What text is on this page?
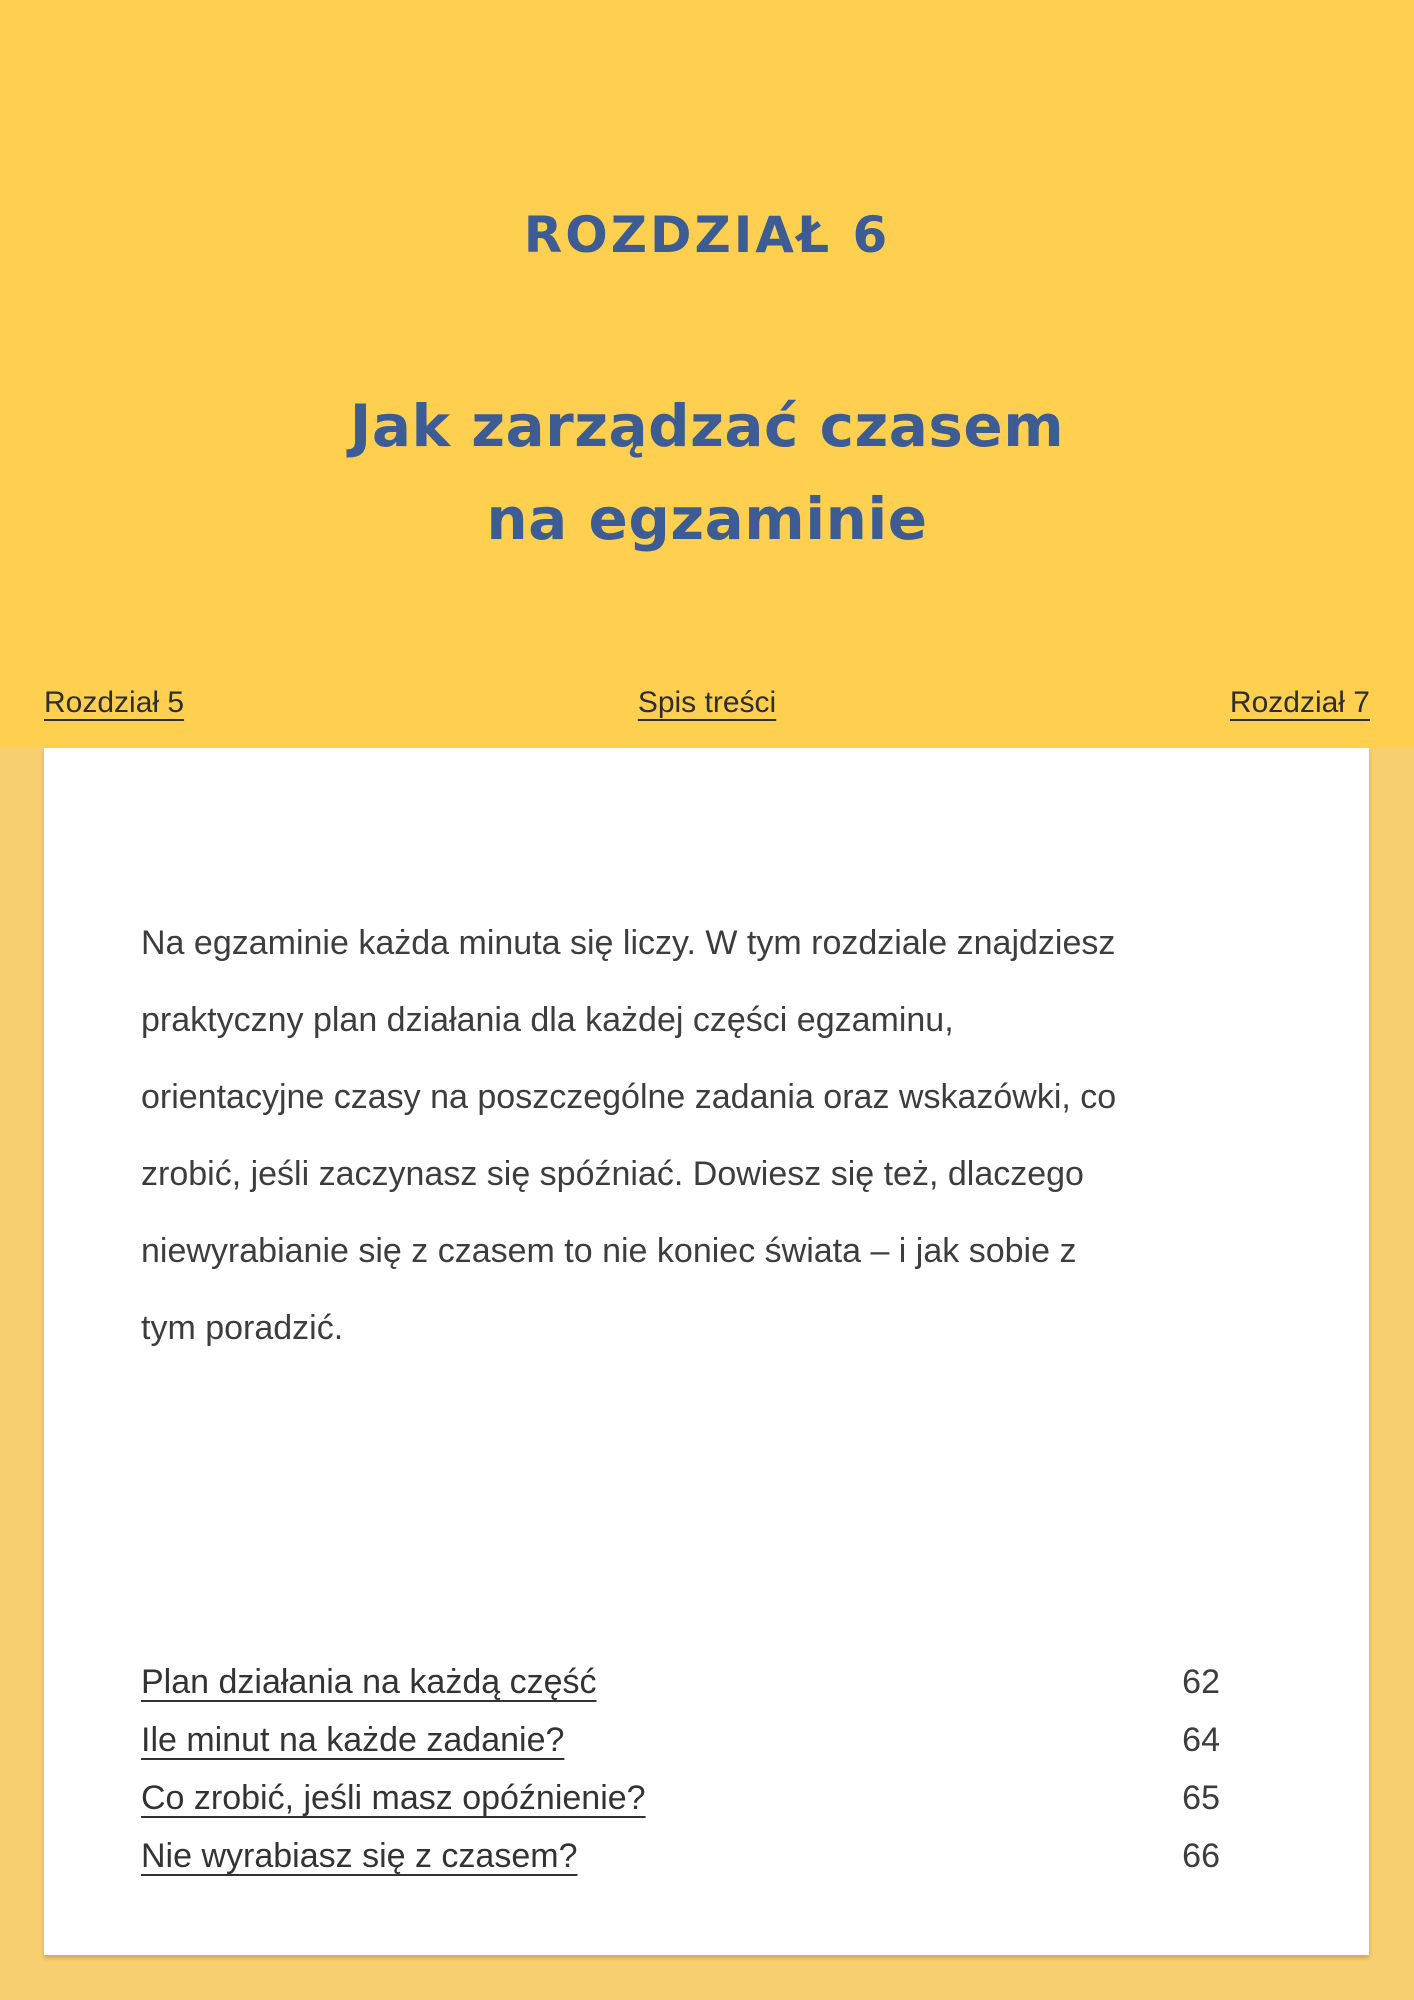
ROZDZIAŁ 6
Jak zarządzać czasem
na egzaminie
Rozdział 5	Spis treści	Rozdział 7
Na egzaminie każda minuta się liczy. W tym rozdziale znajdziesz
praktyczny plan działania dla każdej części egzaminu,
orientacyjne czasy na poszczególne zadania oraz wskazówki, co
zrobić, jeśli zaczynasz się spóźniać. Dowiesz się też, dlaczego
niewyrabianie się z czasem to nie koniec świata – i jak sobie z
tym poradzić.
Plan działania na każdą część	62
Ile minut na każde zadanie?	64
Co zrobić, jeśli masz opóźnienie?	65
Nie wyrabiasz się z czasem?	66
